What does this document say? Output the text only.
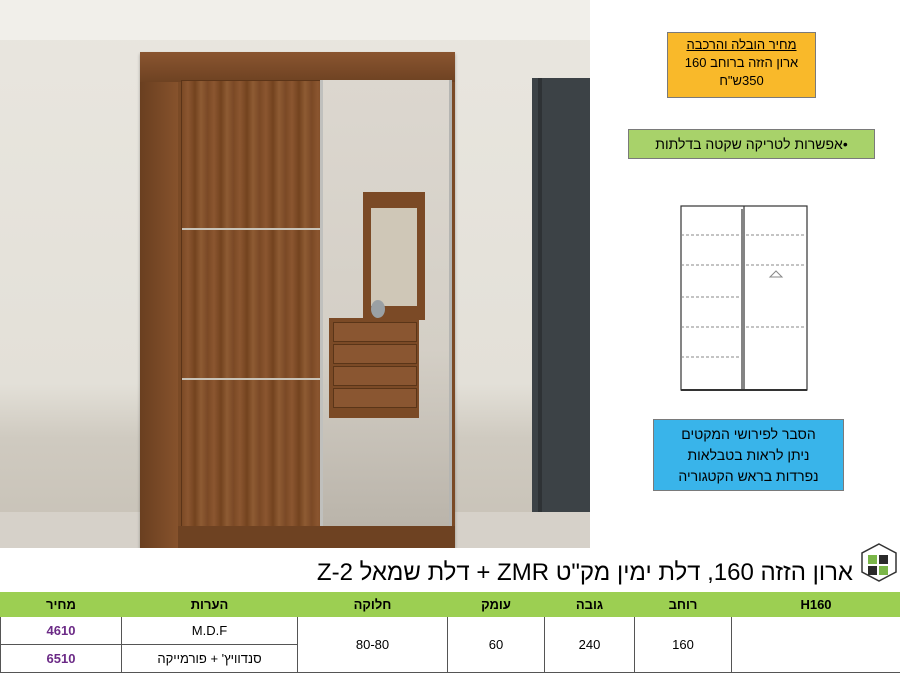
מחיר הובלה והרכבה
ארון הזזה ברוחב 160
350ש"ח
•אפשרות לטריקה שקטה בדלתות
הסבר לפירושי המקטים
ניתן לראות בטבלאות
נפרדות בראש הקטגוריה
ארון הזזה 160, דלת ימין מק"ט ZMR + דלת שמאל Z-2
מחיר	הערות	חלוקה	עומק	גובה	רוחב	H160
4610	M.D.F	80-80	60	240	160	
6510	סנדוויץ' + פורמייקה					
